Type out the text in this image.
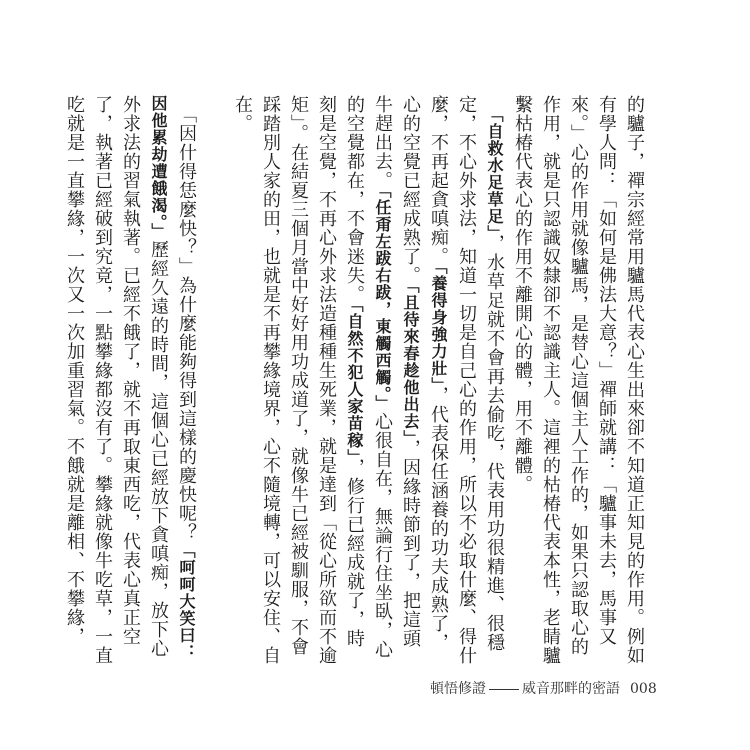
的驢子，禪宗經常用驢馬代表心生出來卻不知道正知見的作用。例如有學人問：「如何是佛法大意？」禪師就講：「驢事未去，馬事又來。」心的作用就像驢馬，是替心這個主人工作的，如果只認取心的作用，就是只認識奴隸卻不認識主人。這裡的枯椿代表本性，老睛驢繫枯椿代表心的作用不離開心的體，用不離體。

　「自救水足草足」，水草足就不會再去偷吃，代表用功很精進、很穩定，不心外求法，知道一切是自己心的作用，所以不必取什麼、得什麼，不再起貪嗔痴。「養得身強力壯」，代表保任涵養的功夫成熟了，心的空覺已經成熟了。「且待來春趁他出去」，因緣時節到了，把這頭牛趕出去。「任甭左跋右跋，東觸西觸。」心很自在，無論行住坐臥，心的空覺都在，不會迷失。「自然不犯人家苗稼」，修行已經成就了，時刻是空覺，不再心外求法造種種生死業，就是達到「從心所欲而不逾矩」。在結夏三個月當中好好用功成道了，就像牛已經被馴服，不會踩踏別人家的田，也就是不再攀緣境界，心不隨境轉，可以安住、自在。

　「因什得恁麼快？」為什麼能夠得到這樣的慶快呢？「呵呵大笑曰：因他累劫遭餓渴。」歷經久遠的時間，這個心已經放下貪嗔痴，放下心外求法的習氣執著。已經不餓了，就不再取東西吃，代表心真正空了，執著已經破到究竟，一點攀緣都沒有了。攀緣就像牛吃草，一直吃就是一直攀緣，一次又一次加重習氣。不餓就是離相、不攀緣，

頓悟修證	威音那畔的密語 008
